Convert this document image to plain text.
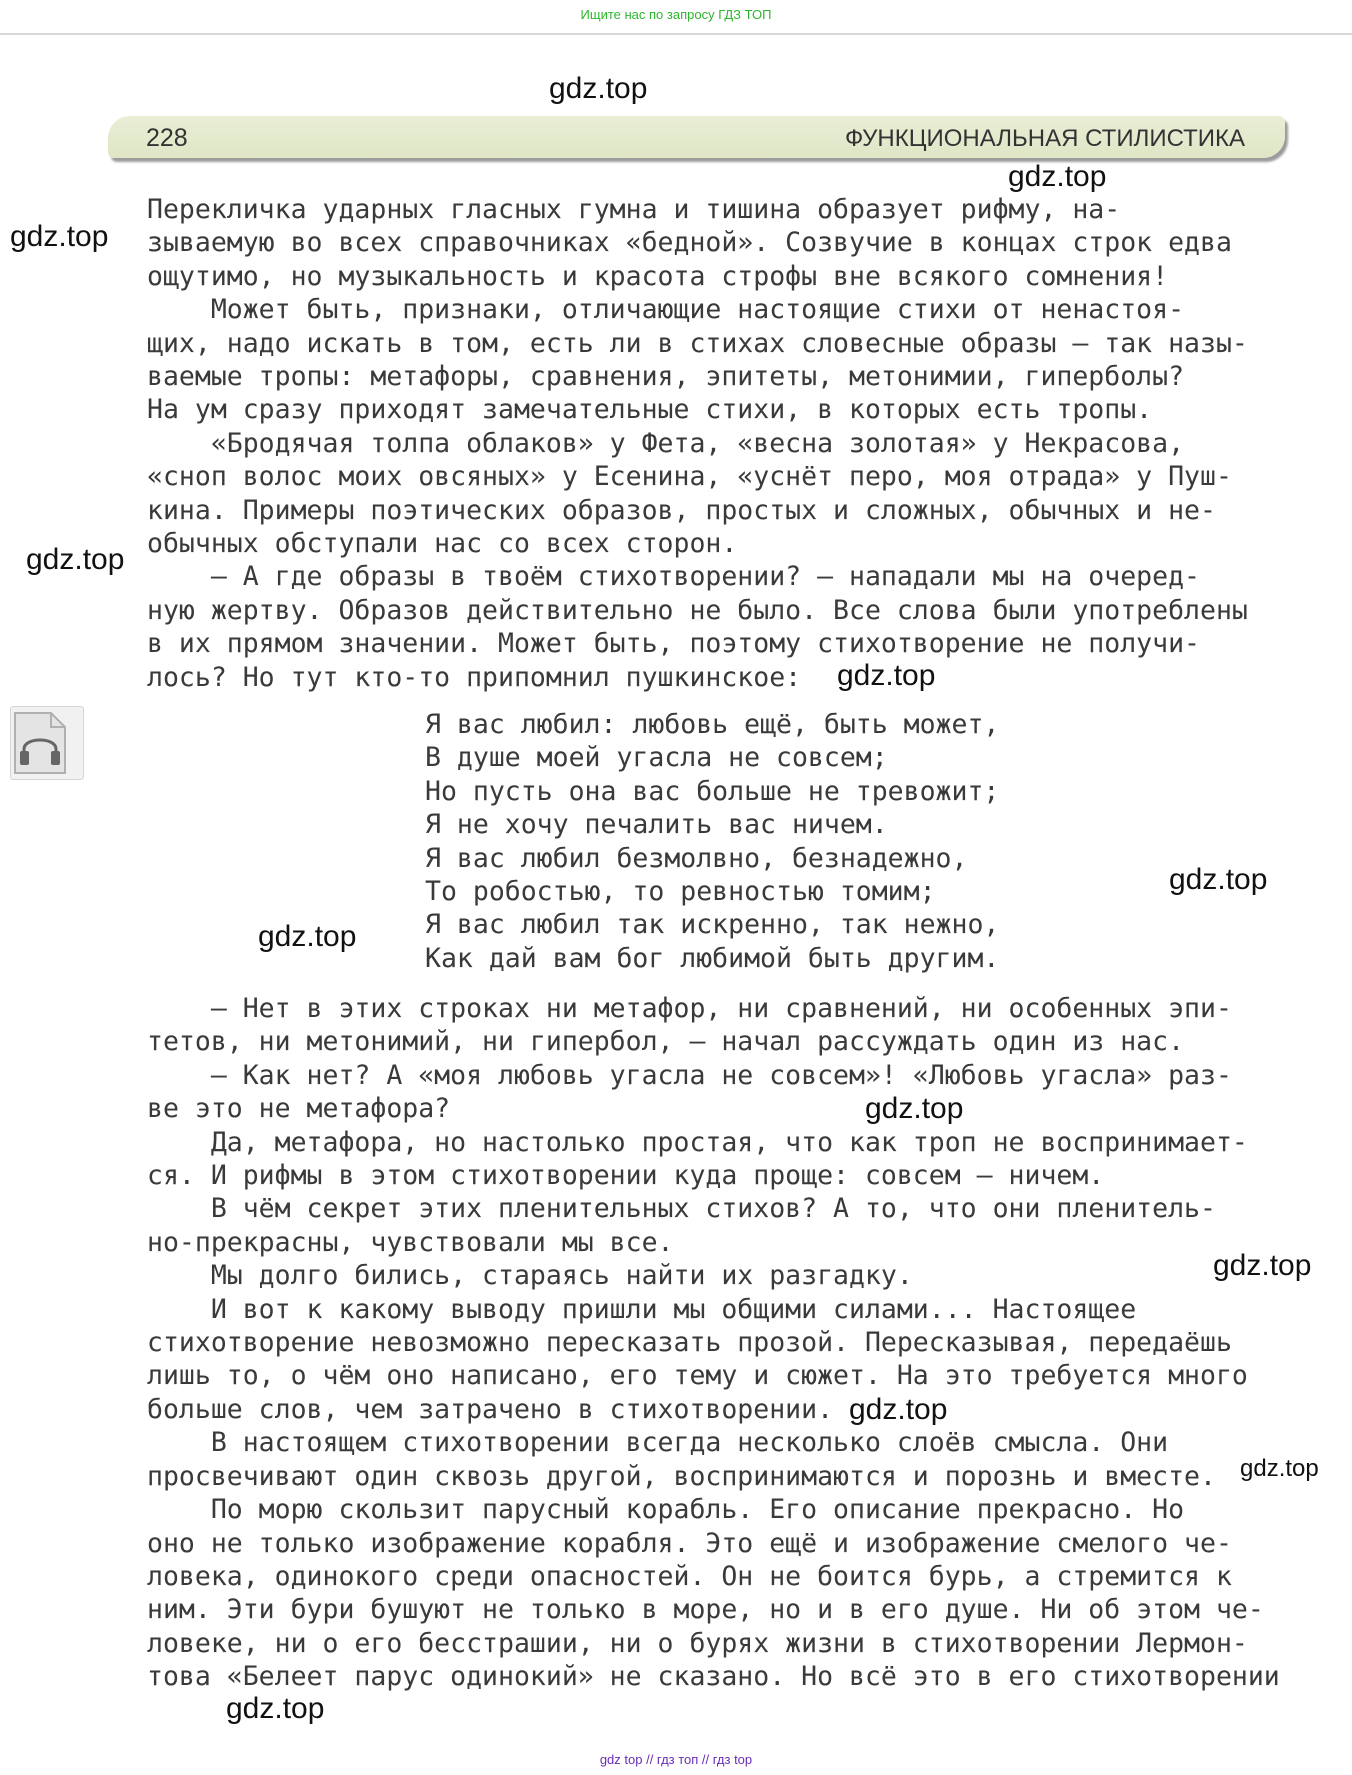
Ищите нас по запросу ГДЗ ТОП
gdz.top
228	ФУНКЦИОНАЛЬНАЯ СТИЛИСТИКА
gdz.top
gdz.top
gdz.top
Перекличка ударных гласных гумна и тишина образует рифму, на-
зываемую во всех справочниках «бедной». Созвучие в концах строк едва
ощутимо, но музыкальность и красота строфы вне всякого сомнения!
Может быть, признаки, отличающие настоящие стихи от ненастоя-
щих, надо искать в том, есть ли в стихах словесные образы — так назы-
ваемые тропы: метафоры, сравнения, эпитеты, метонимии, гиперболы?
На ум сразу приходят замечательные стихи, в которых есть тропы.
«Бродячая толпа облаков» у Фета, «весна золотая» у Некрасова,
«сноп волос моих овсяных» у Есенина, «уснёт перо, моя отрада» у Пуш-
кина. Примеры поэтических образов, простых и сложных, обычных и не-
обычных обступали нас со всех сторон.
— А где образы в твоём стихотворении? — нападали мы на очеред-
ную жертву. Образов действительно не было. Все слова были употреблены
в их прямом значении. Может быть, поэтому стихотворение не получи-
лось? Но тут кто-то припомнил пушкинское:	gdz.top
Я вас любил: любовь ещё, быть может,
В душе моей угасла не совсем;
Но пусть она вас больше не тревожит;
Я не хочу печалить вас ничем.
Я вас любил безмолвно, безнадежно,
То робостью, то ревностью томим;
Я вас любил так искренно, так нежно,
Как дай вам бог любимой быть другим.
gdz.top
gdz.top
— Нет в этих строках ни метафор, ни сравнений, ни особенных эпи-
тетов, ни метонимий, ни гипербол, — начал рассуждать один из нас.
— Как нет? А «моя любовь угасла не совсем»! «Любовь угасла» раз-
ве это не метафора?
Да, метафора, но настолько простая, что как троп не воспринимает-
ся. И рифмы в этом стихотворении куда проще: совсем — ничем.
В чём секрет этих пленительных стихов? А то, что они пленитель-
но-прекрасны, чувствовали мы все.
Мы долго бились, стараясь найти их разгадку.
И вот к какому выводу пришли мы общими силами... Настоящее
стихотворение невозможно пересказать прозой. Пересказывая, передаёшь
лишь то, о чём оно написано, его тему и сюжет. На это требуется много
больше слов, чем затрачено в стихотворении.
В настоящем стихотворении всегда несколько слоёв смысла. Они
просвечивают один сквозь другой, воспринимаются и порознь и вместе.
По морю скользит парусный корабль. Его описание прекрасно. Но
оно не только изображение корабля. Это ещё и изображение смелого че-
ловека, одинокого среди опасностей. Он не боится бурь, а стремится к
ним. Эти бури бушуют не только в море, но и в его душе. Ни об этом че-
ловеке, ни о его бесстрашии, ни о бурях жизни в стихотворении Лермон-
това «Белеет парус одинокий» не сказано. Но всё это в его стихотворении
gdz.top
gdz.top
gdz.top
gdz.top
gdz.top
gdz top // гдз топ // гдз top
